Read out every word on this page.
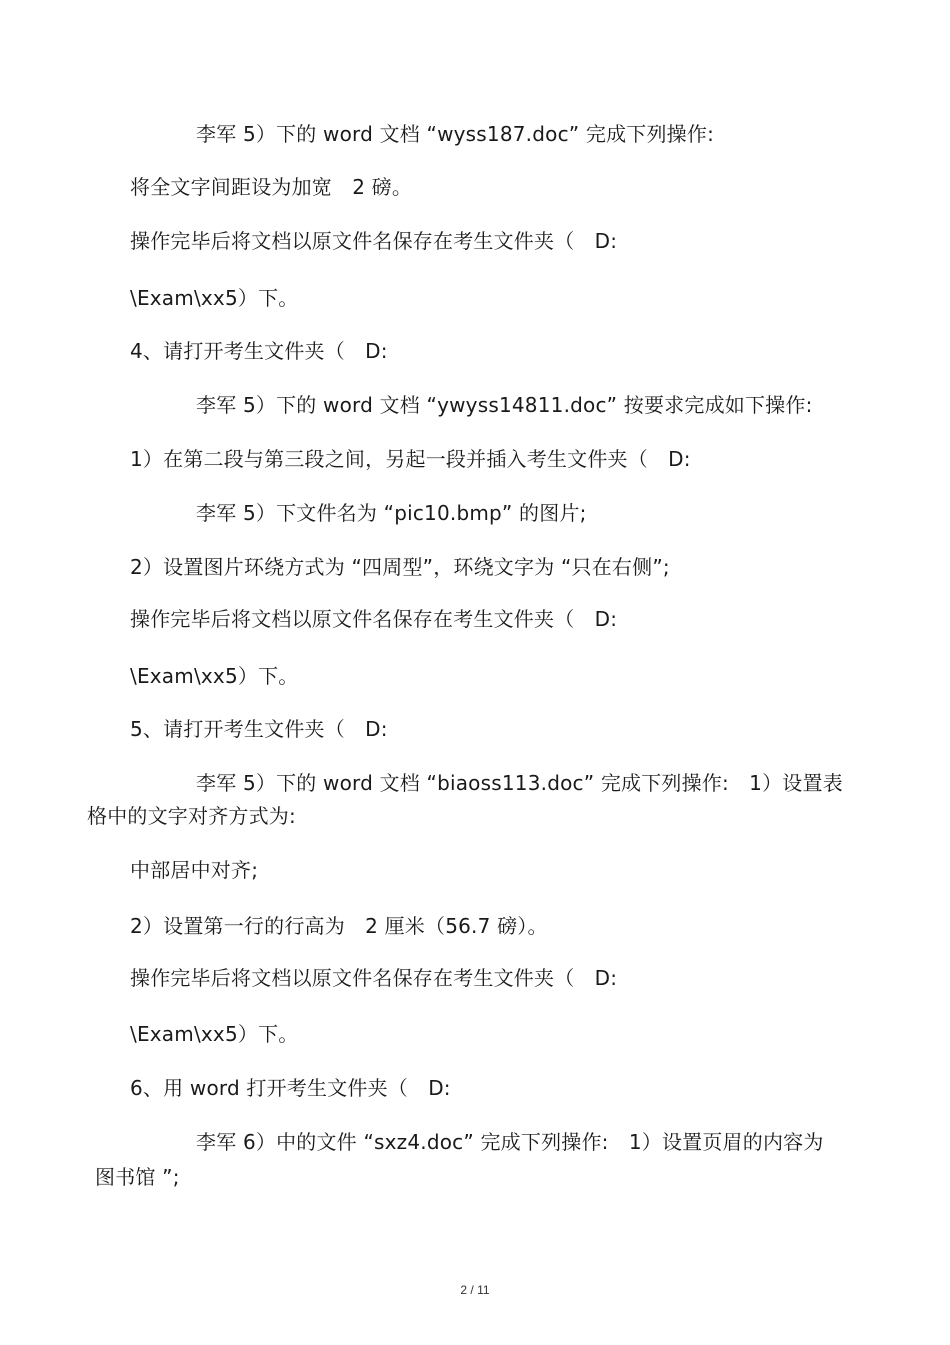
李军 5）下的 word 文档 “wyss187.doc” 完成下列操作:
将全文字间距设为加宽　2 磅。
操作完毕后将文档以原文件名保存在考生文件夹（　D:
\Exam\xx5）下。
4、请打开考生文件夹（　D:
李军 5）下的 word 文档 “ywyss14811.doc” 按要求完成如下操作:
1）在第二段与第三段之间，另起一段并插入考生文件夹（　D:
李军 5）下文件名为 “pic10.bmp” 的图片;
2）设置图片环绕方式为 “四周型”，环绕文字为 “只在右侧”;
操作完毕后将文档以原文件名保存在考生文件夹（　D:
\Exam\xx5）下。
5、请打开考生文件夹（　D:
李军 5）下的 word 文档 “biaoss113.doc” 完成下列操作:　1）设置表
格中的文字对齐方式为:
中部居中对齐;
2）设置第一行的行高为　2 厘米（56.7 磅）。
操作完毕后将文档以原文件名保存在考生文件夹（　D:
\Exam\xx5）下。
6、用 word 打开考生文件夹（　D:
李军 6）中的文件 “sxz4.doc” 完成下列操作:　1）设置页眉的内容为
图书馆 ”;
2 / 11
